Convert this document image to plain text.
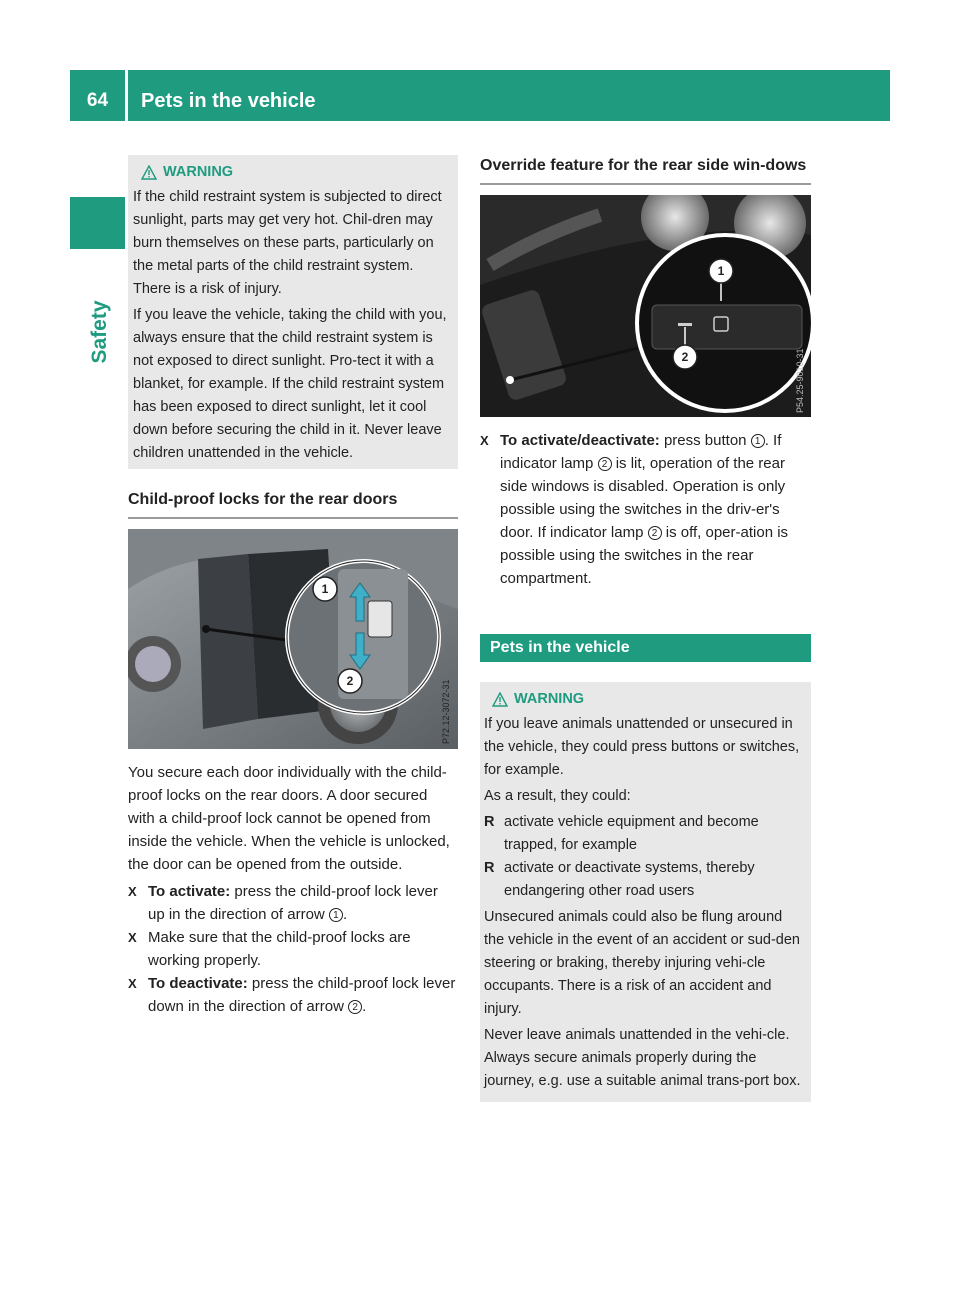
64	Pets in the vehicle
Safety
WARNING

If the child restraint system is subjected to direct sunlight, parts may get very hot. Chil-dren may burn themselves on these parts, particularly on the metal parts of the child restraint system. There is a risk of injury.

If you leave the vehicle, taking the child with you, always ensure that the child restraint system is not exposed to direct sunlight. Pro-tect it with a blanket, for example. If the child restraint system has been exposed to direct sunlight, let it cool down before securing the child in it. Never leave children unattended in the vehicle.

Child-proof locks for the rear doors
1
2	P72.12-3072-31
You secure each door individually with the child-proof locks on the rear doors. A door secured with a child-proof lock cannot be opened from inside the vehicle. When the vehicle is unlocked, the door can be opened from the outside.
X To activate: press the child-proof lock lever up in the direction of arrow 1 .
X Make sure that the child-proof locks are working properly.
X To deactivate: press the child-proof lock lever down in the direction of arrow 2 .
Override feature for the rear side win-dows
1
2	P54.25-9010-31
X To activate/deactivate: press button 1 . If indicator lamp 2 is lit, operation of the rear side windows is disabled. Operation is only possible using the switches in the driv-er's door. If indicator lamp 2 is off, oper-ation is possible using the switches in the rear compartment.
Pets in the vehicle
WARNING

If you leave animals unattended or unsecured in the vehicle, they could press buttons or switches, for example.

As a result, they could:

R activate vehicle equipment and become trapped, for example
R activate or deactivate systems, thereby endangering other road users

Unsecured animals could also be flung around the vehicle in the event of an accident or sud-den steering or braking, thereby injuring vehi-cle occupants. There is a risk of an accident and injury.

Never leave animals unattended in the vehi-cle. Always secure animals properly during the journey, e.g. use a suitable animal trans-port box.
